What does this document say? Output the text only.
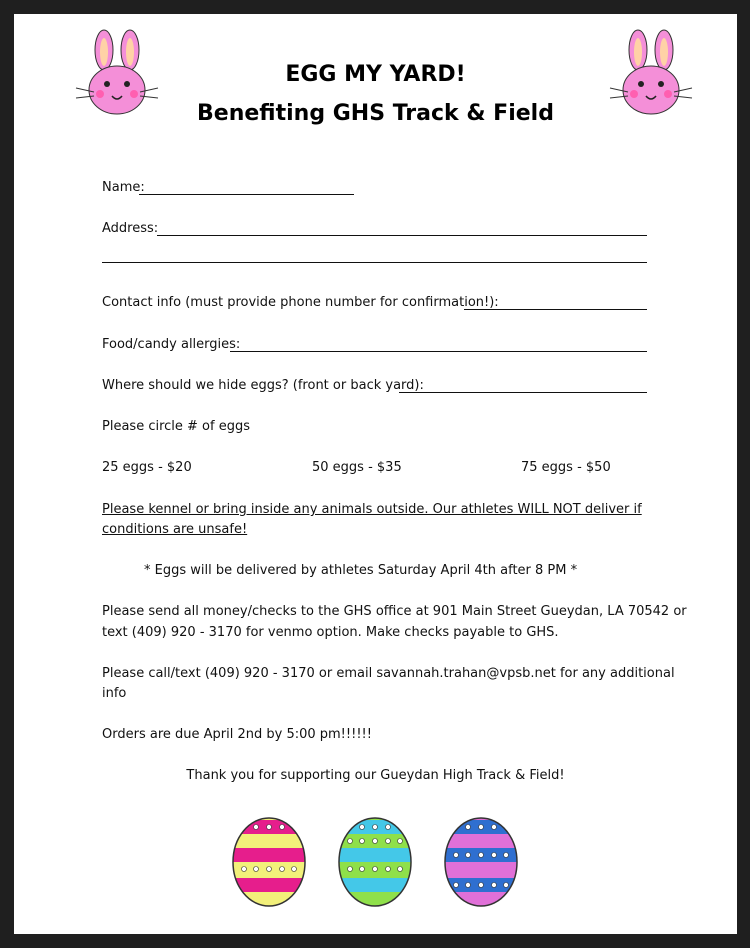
EGG MY YARD!
Benefiting GHS Track & Field
Name:
Address:
Contact info (must provide phone number for confirmation!):
Food/candy allergies:
Where should we hide eggs? (front or back yard):
Please circle # of eggs
25 eggs - $20	50 eggs - $35	75 eggs - $50
Please kennel or bring inside any animals outside. Our athletes WILL NOT deliver if
conditions are unsafe!
* Eggs will be delivered by athletes Saturday April 4th after 8 PM *
Please send all money/checks to the GHS office at 901 Main Street Gueydan, LA 70542 or
text (409) 920 - 3170 for venmo option. Make checks payable to GHS.
Please call/text (409) 920 - 3170 or email savannah.trahan@vpsb.net for any additional
info
Orders are due April 2nd by 5:00 pm!!!!!!
Thank you for supporting our Gueydan High Track & Field!
